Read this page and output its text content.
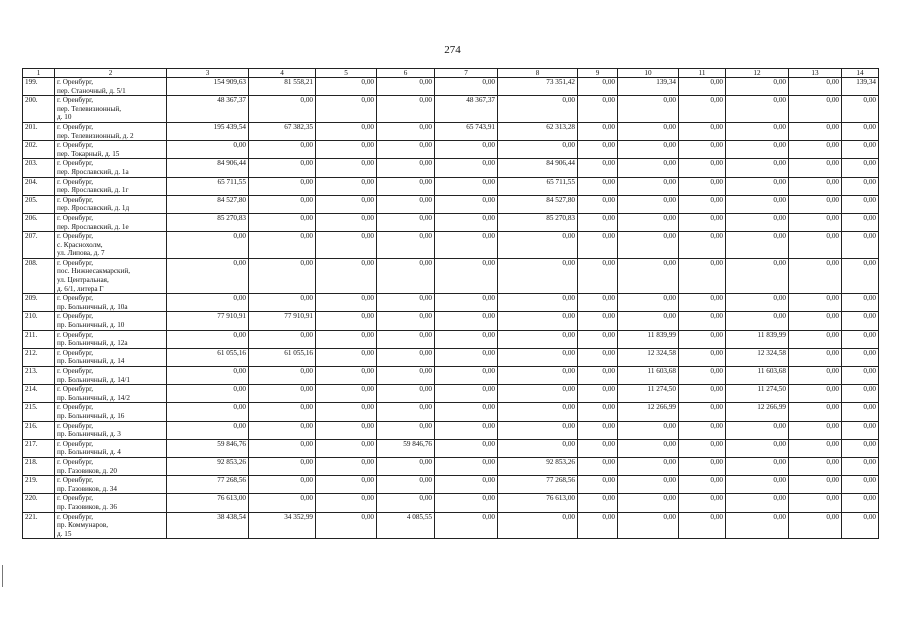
274
1	2	3	4	5	6	7	8	9	10	11	12	13	14
199.	г. Оренбург,
пер. Станочный, д. 5/1	154 909,63	81 558,21	0,00	0,00	0,00	73 351,42	0,00	139,34	0,00	0,00	0,00	139,34
200.	г. Оренбург,
пер. Телевизионный,
д. 10	48 367,37	0,00	0,00	0,00	48 367,37	0,00	0,00	0,00	0,00	0,00	0,00	0,00
201.	г. Оренбург,
пер. Телевизионный, д. 2	195 439,54	67 382,35	0,00	0,00	65 743,91	62 313,28	0,00	0,00	0,00	0,00	0,00	0,00
202.	г. Оренбург,
пер. Токарный, д. 15	0,00	0,00	0,00	0,00	0,00	0,00	0,00	0,00	0,00	0,00	0,00	0,00
203.	г. Оренбург,
пер. Ярославский, д. 1а	84 906,44	0,00	0,00	0,00	0,00	84 906,44	0,00	0,00	0,00	0,00	0,00	0,00
204.	г. Оренбург,
пер. Ярославский, д. 1г	65 711,55	0,00	0,00	0,00	0,00	65 711,55	0,00	0,00	0,00	0,00	0,00	0,00
205.	г. Оренбург,
пер. Ярославский, д. 1д	84 527,80	0,00	0,00	0,00	0,00	84 527,80	0,00	0,00	0,00	0,00	0,00	0,00
206.	г. Оренбург,
пер. Ярославский, д. 1е	85 270,83	0,00	0,00	0,00	0,00	85 270,83	0,00	0,00	0,00	0,00	0,00	0,00
207.	г. Оренбург,
с. Краснохолм,
ул. Липова, д. 7	0,00	0,00	0,00	0,00	0,00	0,00	0,00	0,00	0,00	0,00	0,00	0,00
208.	г. Оренбург,
пос. Нижнесакмарский,
ул. Центральная,
д. 6/1, литера Г	0,00	0,00	0,00	0,00	0,00	0,00	0,00	0,00	0,00	0,00	0,00	0,00
209.	г. Оренбург,
пр. Больничный, д. 10а	0,00	0,00	0,00	0,00	0,00	0,00	0,00	0,00	0,00	0,00	0,00	0,00
210.	г. Оренбург,
пр. Больничный, д. 10	77 910,91	77 910,91	0,00	0,00	0,00	0,00	0,00	0,00	0,00	0,00	0,00	0,00
211.	г. Оренбург,
пр. Больничный, д. 12а	0,00	0,00	0,00	0,00	0,00	0,00	0,00	11 839,99	0,00	11 839,99	0,00	0,00
212.	г. Оренбург,
пр. Больничный, д. 14	61 055,16	61 055,16	0,00	0,00	0,00	0,00	0,00	12 324,58	0,00	12 324,58	0,00	0,00
213.	г. Оренбург,
пр. Больничный, д. 14/1	0,00	0,00	0,00	0,00	0,00	0,00	0,00	11 603,68	0,00	11 603,68	0,00	0,00
214.	г. Оренбург,
пр. Больничный, д. 14/2	0,00	0,00	0,00	0,00	0,00	0,00	0,00	11 274,50	0,00	11 274,50	0,00	0,00
215.	г. Оренбург,
пр. Больничный, д. 16	0,00	0,00	0,00	0,00	0,00	0,00	0,00	12 266,99	0,00	12 266,99	0,00	0,00
216.	г. Оренбург,
пр. Больничный, д. 3	0,00	0,00	0,00	0,00	0,00	0,00	0,00	0,00	0,00	0,00	0,00	0,00
217.	г. Оренбург,
пр. Больничный, д. 4	59 846,76	0,00	0,00	59 846,76	0,00	0,00	0,00	0,00	0,00	0,00	0,00	0,00
218.	г. Оренбург,
пр. Газовиков, д. 20	92 853,26	0,00	0,00	0,00	0,00	92 853,26	0,00	0,00	0,00	0,00	0,00	0,00
219.	г. Оренбург,
пр. Газовиков, д. 34	77 268,56	0,00	0,00	0,00	0,00	77 268,56	0,00	0,00	0,00	0,00	0,00	0,00
220.	г. Оренбург,
пр. Газовиков, д. 36	76 613,00	0,00	0,00	0,00	0,00	76 613,00	0,00	0,00	0,00	0,00	0,00	0,00
221.	г. Оренбург,
пр. Коммунаров,
д. 15	38 438,54	34 352,99	0,00	4 085,55	0,00	0,00	0,00	0,00	0,00	0,00	0,00	0,00
